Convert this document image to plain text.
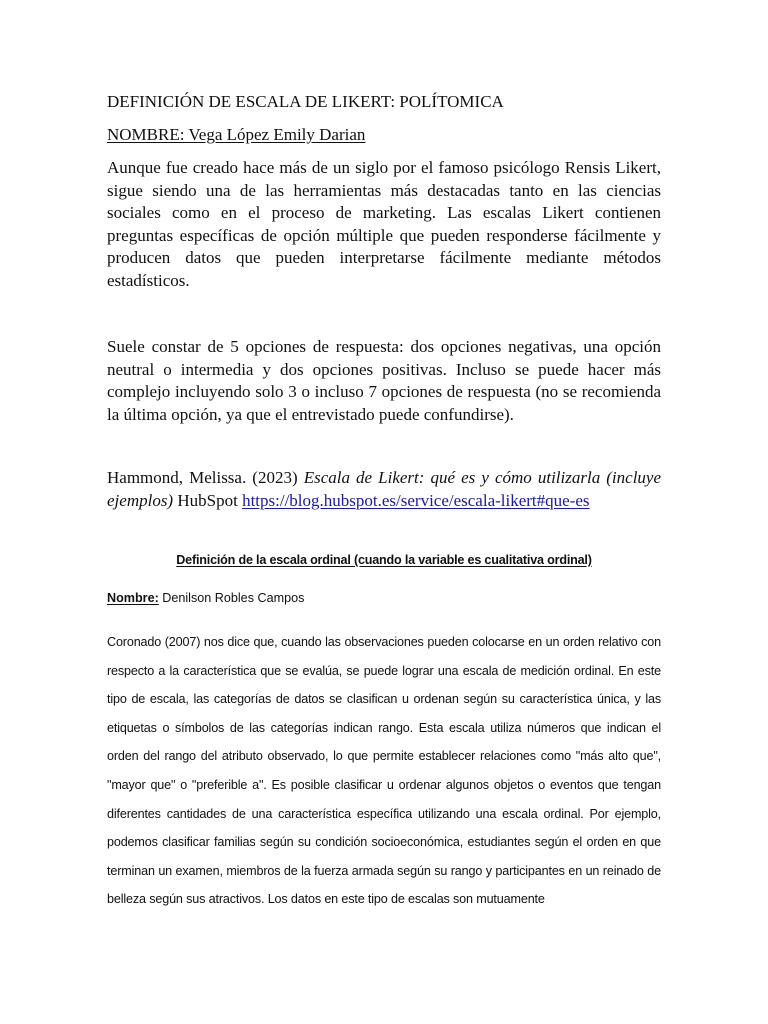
DEFINICIÓN DE ESCALA DE LIKERT: POLÍTOMICA
NOMBRE: Vega López Emily Darian

Aunque fue creado hace más de un siglo por el famoso psicólogo Rensis Likert, sigue siendo una de las herramientas más destacadas tanto en las ciencias sociales como en el proceso de marketing. Las escalas Likert contienen preguntas específicas de opción múltiple que pueden responderse fácilmente y producen datos que pueden interpretarse fácilmente mediante métodos estadísticos.

Suele constar de 5 opciones de respuesta: dos opciones negativas, una opción neutral o intermedia y dos opciones positivas. Incluso se puede hacer más complejo incluyendo solo 3 o incluso 7 opciones de respuesta (no se recomienda la última opción, ya que el entrevistado puede confundirse).

Hammond, Melissa. (2023) Escala de Likert: qué es y cómo utilizarla (incluye ejemplos) HubSpot https://blog.hubspot.es/service/escala-likert#que-es
Definición de la escala ordinal (cuando la variable es cualitativa ordinal)
Nombre: Denilson Robles Campos

Coronado (2007) nos dice que, cuando las observaciones pueden colocarse en un orden relativo con respecto a la característica que se evalúa, se puede lograr una escala de medición ordinal. En este tipo de escala, las categorías de datos se clasifican u ordenan según su característica única, y las etiquetas o símbolos de las categorías indican rango. Esta escala utiliza números que indican el orden del rango del atributo observado, lo que permite establecer relaciones como "más alto que", "mayor que" o "preferible a". Es posible clasificar u ordenar algunos objetos o eventos que tengan diferentes cantidades de una característica específica utilizando una escala ordinal. Por ejemplo, podemos clasificar familias según su condición socioeconómica, estudiantes según el orden en que terminan un examen, miembros de la fuerza armada según su rango y participantes en un reinado de belleza según sus atractivos. Los datos en este tipo de escalas son mutuamente
